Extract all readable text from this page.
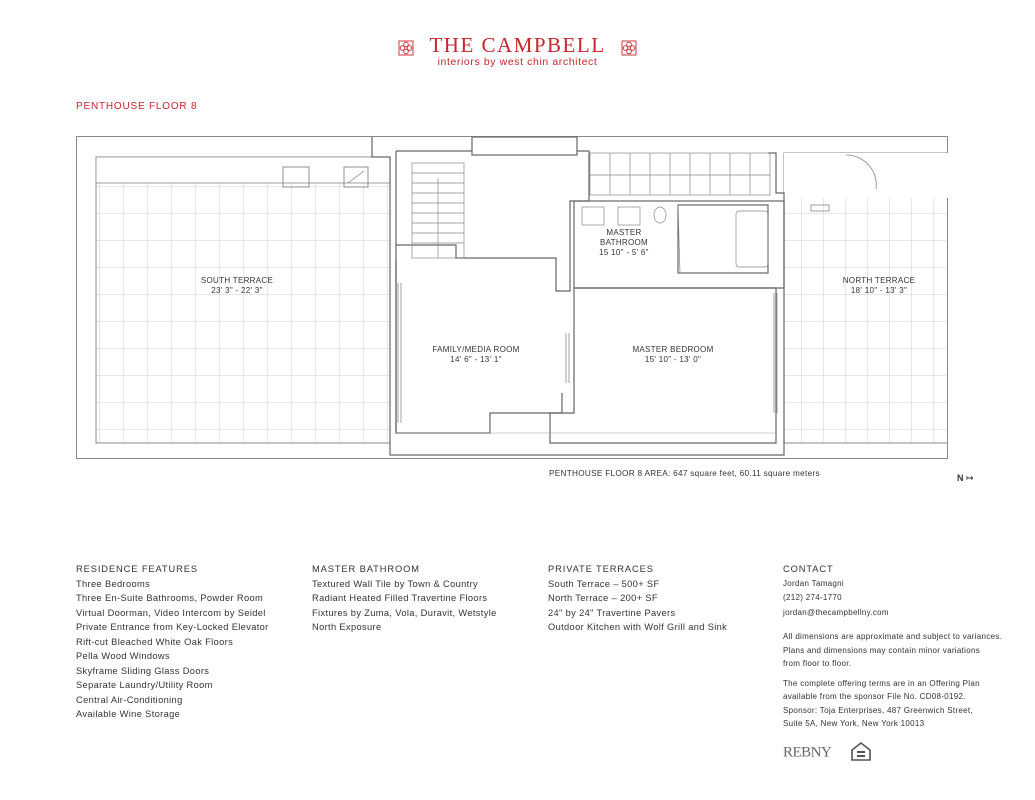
THE CAMPBELL
interiors by west chin architect
PENTHOUSE FLOOR 8
SOUTH TERRACE
23' 3" - 22' 3"
NORTH TERRACE
18' 10" - 13' 3"
MASTER
BATHROOM
15 10" - 5' 6"
FAMILY/MEDIA ROOM
14' 6" - 13' 1"
MASTER BEDROOM
15' 10" - 13' 0"
PENTHOUSE FLOOR 8 AREA: 647 square feet, 60.11 square meters	N ↦
RESIDENCE FEATURES
Three Bedrooms
Three En-Suite Bathrooms, Powder Room
Virtual Doorman, Video Intercom by Seidel
Private Entrance from Key-Locked Elevator
Rift-cut Bleached White Oak Floors
Pella Wood Windows
Skyframe Sliding Glass Doors
Separate Laundry/Utility Room
Central Air-Conditioning
Available Wine Storage
MASTER BATHROOM
Textured Wall Tile by Town & Country
Radiant Heated Filled Travertine Floors
Fixtures by Zuma, Vola, Duravit, Wetstyle
North Exposure
PRIVATE TERRACES
South Terrace – 500+ SF
North Terrace – 200+ SF
24" by 24" Travertine Pavers
Outdoor Kitchen with Wolf Grill and Sink
CONTACT

Jordan Tamagni

(212) 274-1770

jordan@thecampbellny.com

All dimensions are approximate and subject to variances.
Plans and dimensions may contain minor variations
from floor to floor.
The complete offering terms are in an Offering Plan
available from the sponsor File No. CD08-0192.
Sponsor: Toja Enterprises, 487 Greenwich Street,
Suite 5A, New York, New York 10013
REBNY
